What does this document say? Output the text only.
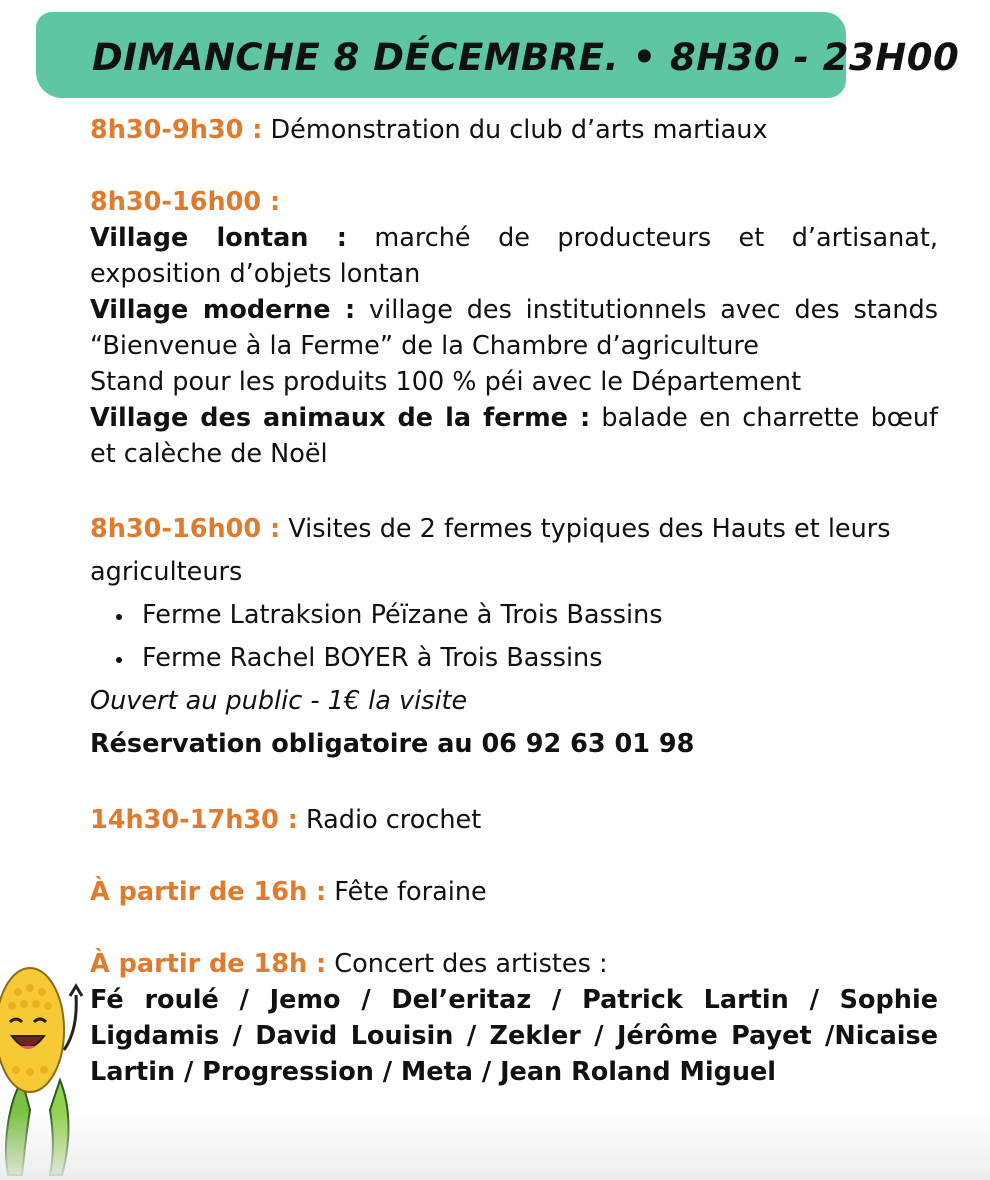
DIMANCHE 8 DÉCEMBRE. • 8H30 - 23H00

8h30-9h30 : Démonstration du club d’arts martiaux

8h30-16h00 :

Village lontan : marché de producteurs et d’artisanat, exposition d’objets lontan

Village moderne : village des institutionnels avec des stands “Bienvenue à la Ferme” de la Chambre d’agriculture

Stand pour les produits 100 % péi avec le Département

Village des animaux de la ferme : balade en charrette bœuf et calèche de Noël

8h30-16h00 : Visites de 2 fermes typiques des Hauts et leurs agriculteurs

Ferme Latraksion Péïzane à Trois Bassins
Ferme Rachel BOYER à Trois Bassins

Ouvert au public - 1€ la visite

Réservation obligatoire au 06 92 63 01 98

14h30-17h30 : Radio crochet

À partir de 16h : Fête foraine

À partir de 18h : Concert des artistes :

Fé roulé / Jemo / Del’eritaz / Patrick Lartin / Sophie Ligdamis / David Louisin / Zekler / Jérôme Payet /Nicaise Lartin / Progression / Meta / Jean Roland Miguel
